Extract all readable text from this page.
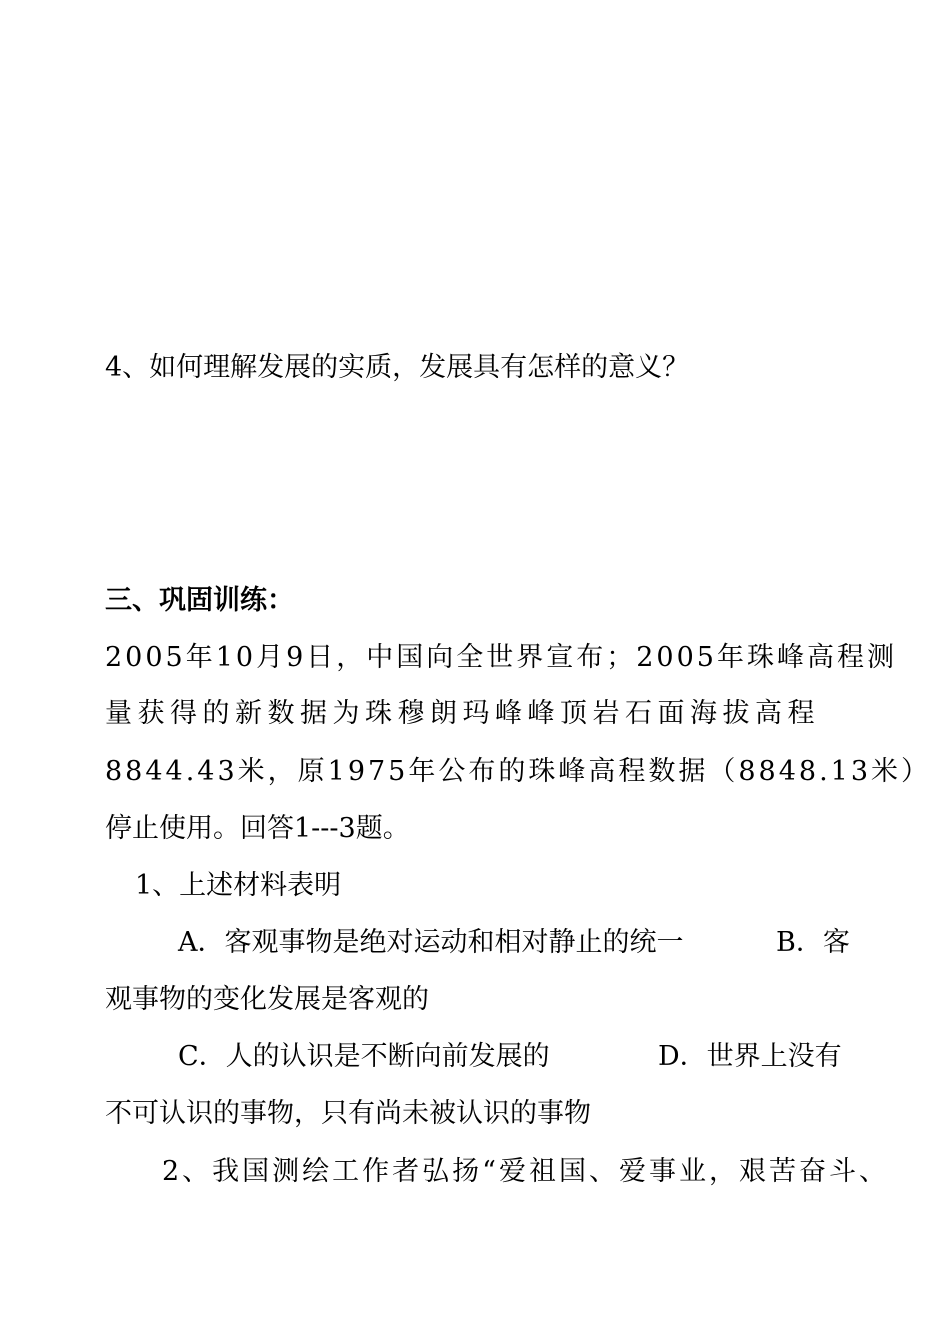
4、如何理解发展的实质，发展具有怎样的意义？
三、巩固训练：
2005年10月9日，中国向全世界宣布；2005年珠峰高程测
量获得的新数据为珠穆朗玛峰峰顶岩石面海拔高程
8844.43米，原1975年公布的珠峰高程数据（8848.13米）
停止使用。回答1---3题。
1、上述材料表明
A．客观事物是绝对运动和相对静止的统一	B．客
观事物的变化发展是客观的
C．人的认识是不断向前发展的	D．世界上没有
不可认识的事物，只有尚未被认识的事物
2、我国测绘工作者弘扬“爱祖国、爱事业，艰苦奋斗、
